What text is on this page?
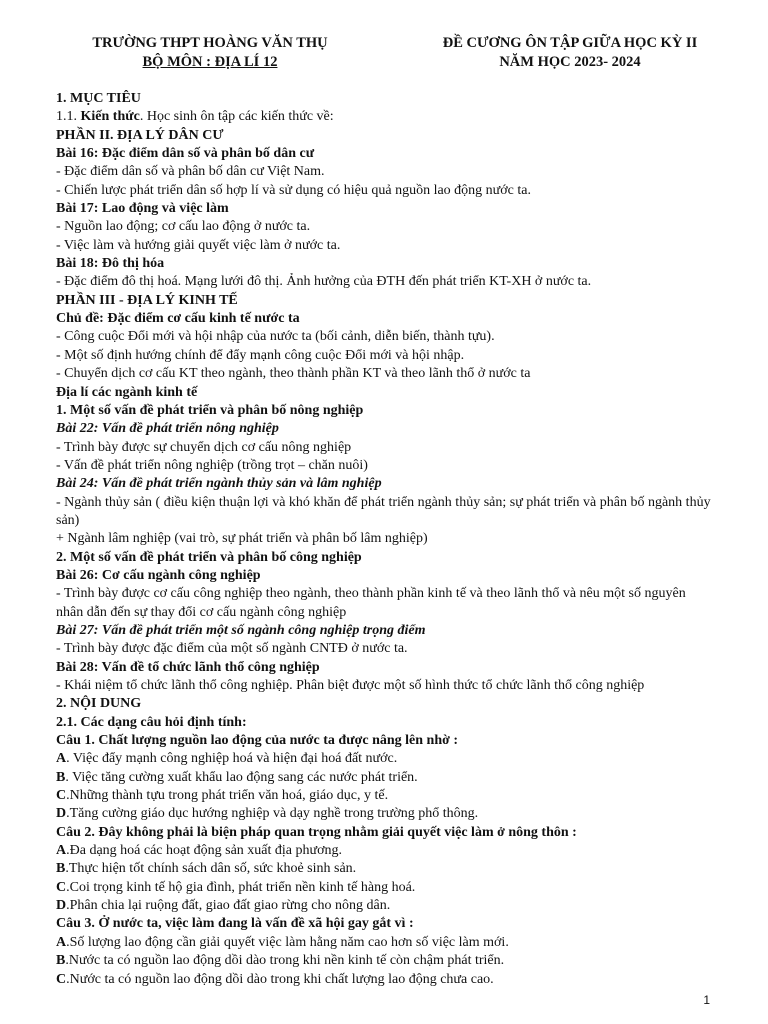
TRƯỜNG THPT HOÀNG VĂN THỤ
BỘ MÔN : ĐỊA LÍ 12
ĐỀ CƯƠNG ÔN TẬP GIỮA HỌC KỲ II
NĂM HỌC 2023- 2024
1. MỤC TIÊU
1.1. Kiến thức. Học sinh ôn tập các kiến thức về:
PHẦN II. ĐỊA LÝ DÂN CƯ
Bài 16: Đặc điểm dân số và phân bố dân cư
- Đặc điểm dân số và phân bố dân cư Việt Nam.
- Chiến lược phát triển dân số hợp lí và sử dụng có hiệu quả nguồn lao động nước ta.
Bài 17: Lao động và việc làm
- Nguồn lao động; cơ cấu lao động ở nước ta.
- Việc làm và hướng giải quyết việc làm ở nước ta.
Bài 18: Đô thị hóa
- Đặc điểm đô thị hoá. Mạng lưới đô thị. Ảnh hưởng của ĐTH đến phát triển KT-XH ở nước ta.
PHẦN III - ĐỊA LÝ KINH TẾ
Chủ đề: Đặc điểm cơ cấu kinh tế nước ta
- Công cuộc Đổi mới và hội nhập của nước ta (bối cảnh, diễn biến, thành tựu).
- Một số định hướng chính để đẩy mạnh công cuộc Đổi mới và hội nhập.
- Chuyển dịch cơ cấu KT theo ngành, theo thành phần KT và theo lãnh thổ ở nước ta
Địa lí các ngành kinh tế
1. Một số vấn đề phát triển và phân bố nông nghiệp
Bài 22: Vấn đề phát triển nông nghiệp
- Trình bày được sự chuyển dịch cơ cấu nông nghiệp
- Vấn đề phát triển nông nghiệp (trồng trọt – chăn nuôi)
Bài 24: Vấn đề phát triển ngành thủy sản và lâm nghiệp
- Ngành thủy sản ( điều kiện thuận lợi và khó khăn để phát triển ngành thủy sản; sự phát triển và phân bố ngành thủy sản)
+ Ngành lâm nghiệp (vai trò, sự phát triển và phân bố lâm nghiệp)
2. Một số vấn đề phát triển và phân bố công nghiệp
Bài 26: Cơ cấu ngành công nghiệp
- Trình bày được cơ cấu công nghiệp theo ngành, theo thành phần kinh tế và theo lãnh thổ và nêu một số nguyên nhân dẫn đến sự thay đổi cơ cấu ngành công nghiệp
Bài 27: Vấn đề phát triển một số ngành công nghiệp trọng điểm
- Trình bày được đặc điểm của một số ngành CNTĐ ở nước ta.
Bài 28: Vấn đề tổ chức lãnh thổ công nghiệp
- Khái niệm tổ chức lãnh thổ công nghiệp. Phân biệt được một số hình thức tổ chức lãnh thổ công nghiệp
2. NỘI DUNG
2.1. Các dạng câu hỏi định tính:
Câu 1. Chất lượng nguồn lao động của nước ta được nâng lên nhờ :
A. Việc đẩy mạnh công nghiệp hoá và hiện đại hoá đất nước.
B. Việc tăng cường xuất khẩu lao động sang các nước phát triển.
C.Những thành tựu trong phát triển văn hoá, giáo dục, y tế.
D.Tăng cường giáo dục hướng nghiệp và dạy nghề trong trường phổ thông.
Câu 2. Đây không phải là biện pháp quan trọng nhằm giải quyết việc làm ở nông thôn :
A.Đa dạng hoá các hoạt động sản xuất địa phương.
B.Thực hiện tốt chính sách dân số, sức khoẻ sinh sản.
C.Coi trọng kinh tế hộ gia đình, phát triển nền kinh tế hàng hoá.
D.Phân chia lại ruộng đất, giao đất giao rừng cho nông dân.
Câu 3. Ở nước ta, việc làm đang là vấn đề xã hội gay gắt vì :
A.Số lượng lao động cần giải quyết việc làm hằng năm cao hơn số việc làm mới.
B.Nước ta có nguồn lao động dồi dào trong khi nền kinh tế còn chậm phát triển.
C.Nước ta có nguồn lao động dồi dào trong khi chất lượng lao động chưa cao.
1
